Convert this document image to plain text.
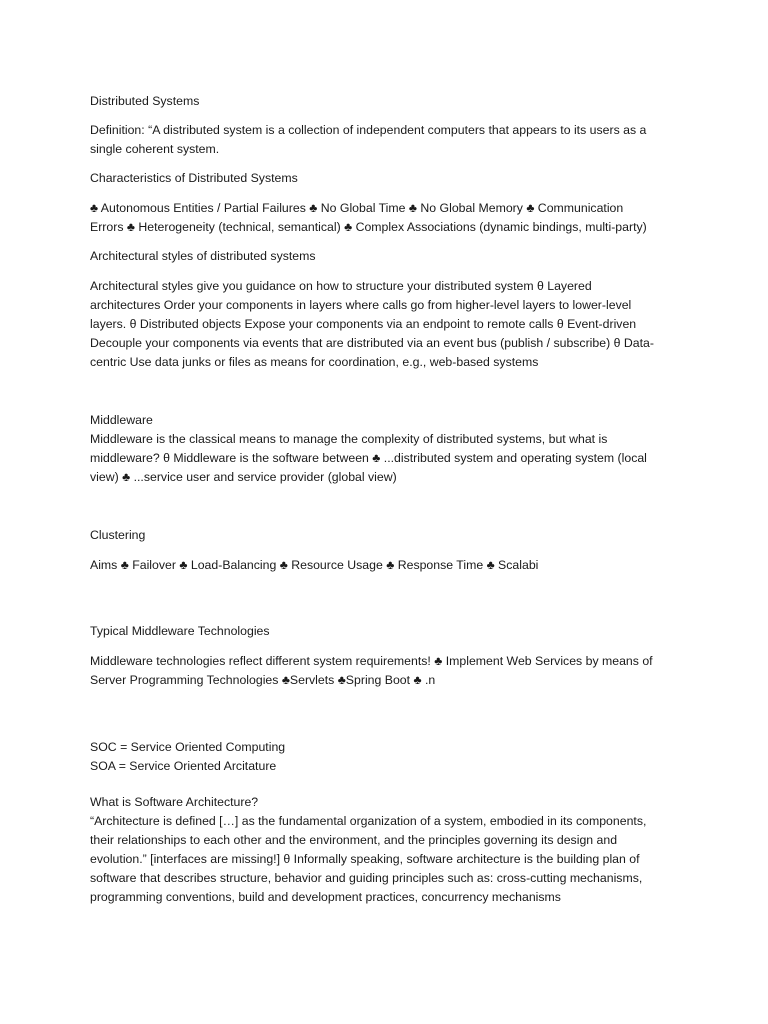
Distributed Systems
Definition: “A distributed system is a collection of independent computers that appears to its users as a
single coherent system.
Characteristics of Distributed Systems
♣ Autonomous Entities / Partial Failures ♣ No Global Time ♣ No Global Memory ♣ Communication
Errors ♣ Heterogeneity (technical, semantical) ♣ Complex Associations (dynamic bindings, multi-party)
Architectural styles of distributed systems
Architectural styles give you guidance on how to structure your distributed system θ Layered
architectures Order your components in layers where calls go from higher-level layers to lower-level
layers. θ Distributed objects Expose your components via an endpoint to remote calls θ Event-driven
Decouple your components via events that are distributed via an event bus (publish / subscribe) θ Data-
centric Use data junks or files as means for coordination, e.g., web-based systems
Middleware
Middleware is the classical means to manage the complexity of distributed systems, but what is
middleware? θ Middleware is the software between ♣ ...distributed system and operating system (local
view) ♣ ...service user and service provider (global view)
Clustering
Aims ♣ Failover ♣ Load-Balancing ♣ Resource Usage ♣ Response Time ♣ Scalabi
Typical Middleware Technologies
Middleware technologies reflect different system requirements! ♣ Implement Web Services by means of
Server Programming Technologies ♣Servlets ♣Spring Boot ♣ .n
SOC = Service Oriented Computing
SOA = Service Oriented Arcitature
What is Software Architecture?
“Architecture is defined […] as the fundamental organization of a system, embodied in its components,
their relationships to each other and the environment, and the principles governing its design and
evolution.” [interfaces are missing!] θ Informally speaking, software architecture is the building plan of
software that describes structure, behavior and guiding principles such as: cross-cutting mechanisms,
programming conventions, build and development practices, concurrency mechanisms
